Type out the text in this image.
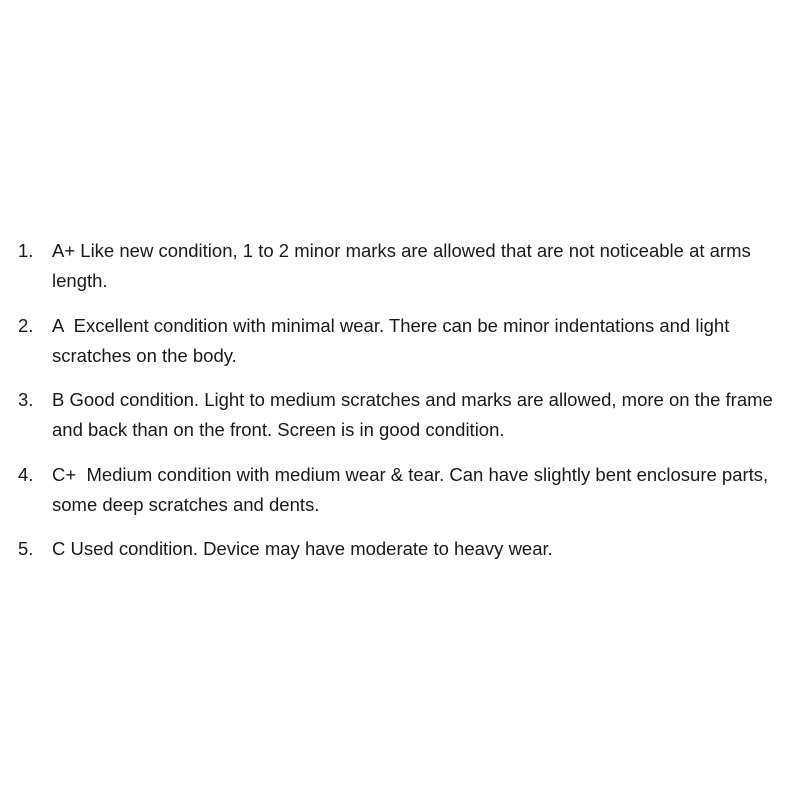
1.	A+ Like new condition, 1 to 2 minor marks are allowed that are not noticeable at arms length.
2.	A  Excellent condition with minimal wear. There can be minor indentations and light scratches on the body.
3.	B Good condition. Light to medium scratches and marks are allowed, more on the frame and back than on the front. Screen is in good condition.
4.	C+  Medium condition with medium wear & tear. Can have slightly bent enclosure parts, some deep scratches and dents.
5.	C Used condition. Device may have moderate to heavy wear.
